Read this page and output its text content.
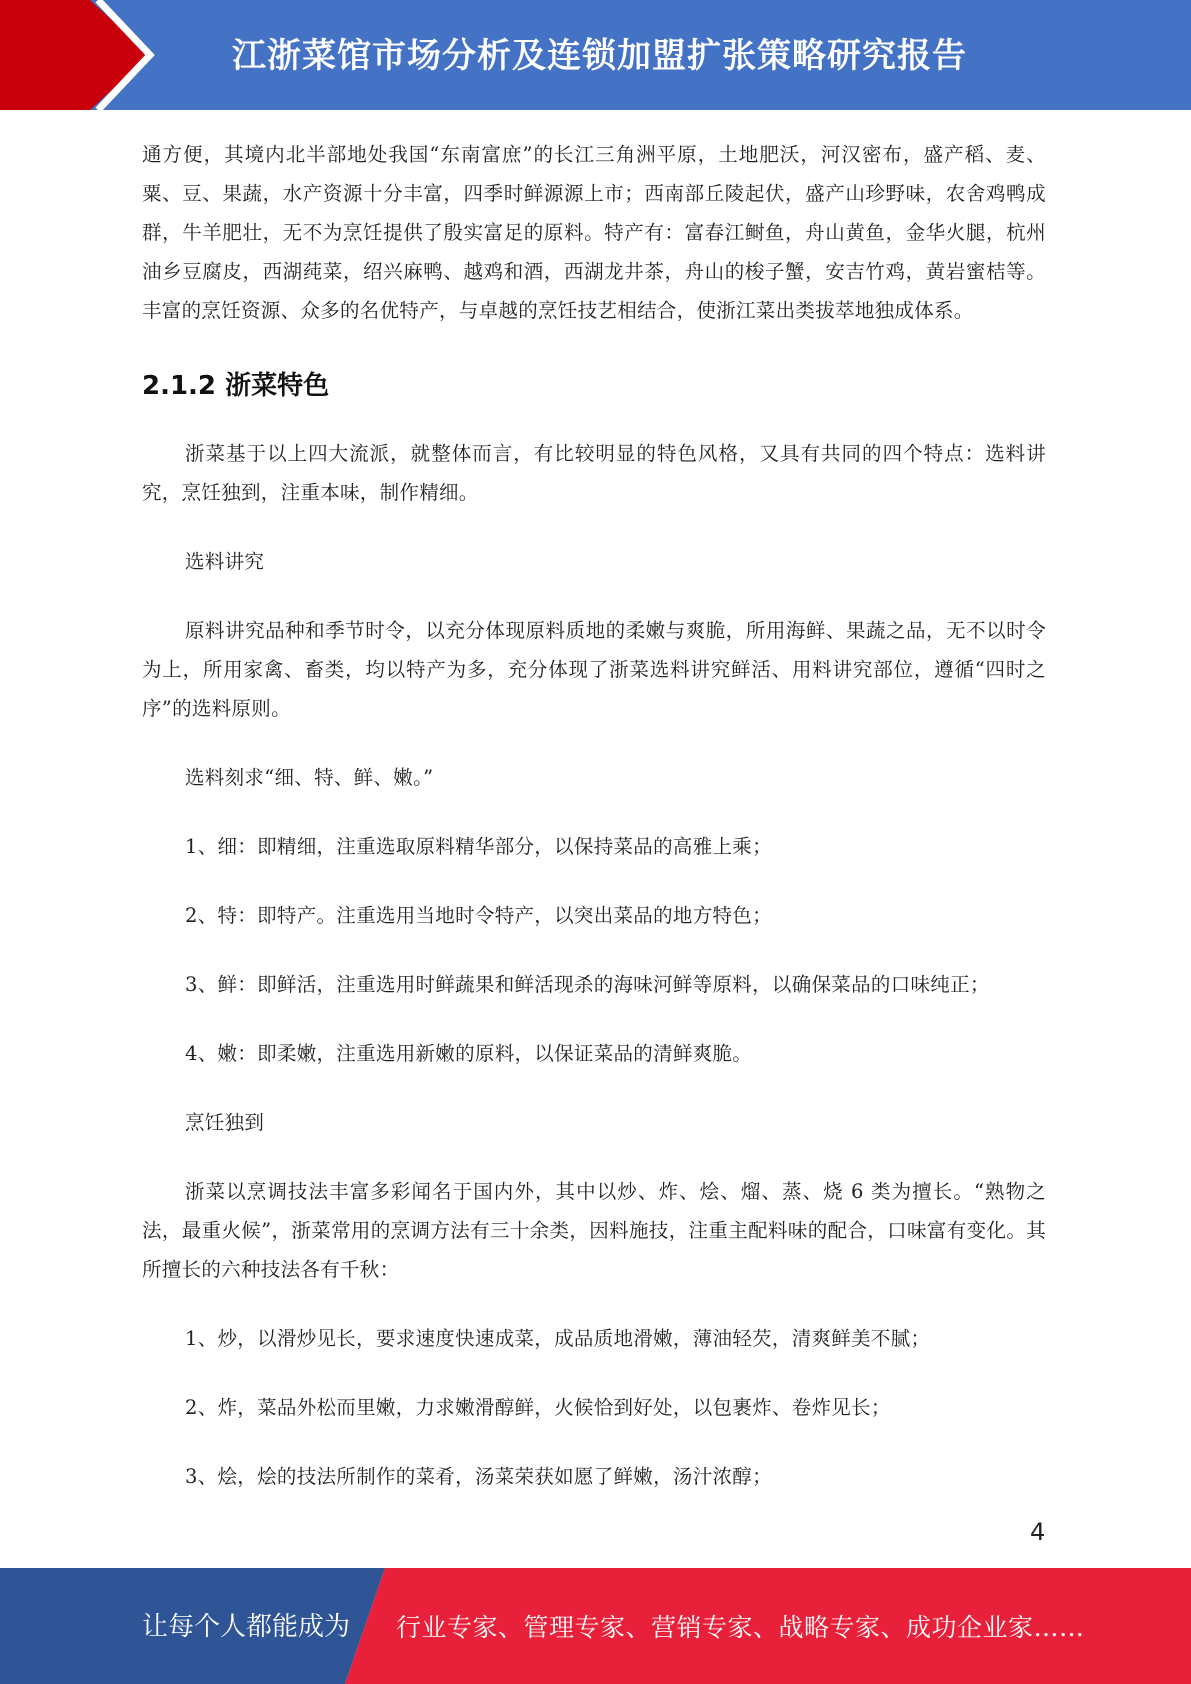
江浙菜馆市场分析及连锁加盟扩张策略研究报告

通方便，其境内北半部地处我国“东南富庶”的长江三角洲平原，土地肥沃，河汉密布，盛产稻、麦、粟、豆、果蔬，水产资源十分丰富，四季时鲜源源上市；西南部丘陵起伏，盛产山珍野味，农舍鸡鸭成群，牛羊肥壮，无不为烹饪提供了殷实富足的原料。特产有：富春江鲥鱼，舟山黄鱼，金华火腿，杭州油乡豆腐皮，西湖莼菜，绍兴麻鸭、越鸡和酒，西湖龙井茶，舟山的梭子蟹，安吉竹鸡，黄岩蜜桔等。丰富的烹饪资源、众多的名优特产，与卓越的烹饪技艺相结合，使浙江菜出类拔萃地独成体系。

2.1.2 浙菜特色

浙菜基于以上四大流派，就整体而言，有比较明显的特色风格，又具有共同的四个特点：选料讲究，烹饪独到，注重本味，制作精细。

选料讲究

原料讲究品种和季节时令，以充分体现原料质地的柔嫩与爽脆，所用海鲜、果蔬之品，无不以时令为上，所用家禽、畜类，均以特产为多，充分体现了浙菜选料讲究鲜活、用料讲究部位，遵循“四时之序”的选料原则。

选料刻求“细、特、鲜、嫩。”

1、细：即精细，注重选取原料精华部分，以保持菜品的高雅上乘；

2、特：即特产。注重选用当地时令特产，以突出菜品的地方特色；

3、鲜：即鲜活，注重选用时鲜蔬果和鲜活现杀的海味河鲜等原料，以确保菜品的口味纯正；

4、嫩：即柔嫩，注重选用新嫩的原料，以保证菜品的清鲜爽脆。

烹饪独到

浙菜以烹调技法丰富多彩闻名于国内外，其中以炒、炸、烩、熘、蒸、烧 6 类为擅长。“熟物之法，最重火候”，浙菜常用的烹调方法有三十余类，因料施技，注重主配料味的配合，口味富有变化。其所擅长的六种技法各有千秋：

1、炒，以滑炒见长，要求速度快速成菜，成品质地滑嫩，薄油轻芡，清爽鲜美不腻；

2、炸，菜品外松而里嫩，力求嫩滑醇鲜，火候恰到好处，以包裹炸、卷炸见长；

3、烩，烩的技法所制作的菜肴，汤菜荣获如愿了鲜嫩，汤汁浓醇；

4
让每个人都能成为 行业专家、管理专家、营销专家、战略专家、成功企业家……
